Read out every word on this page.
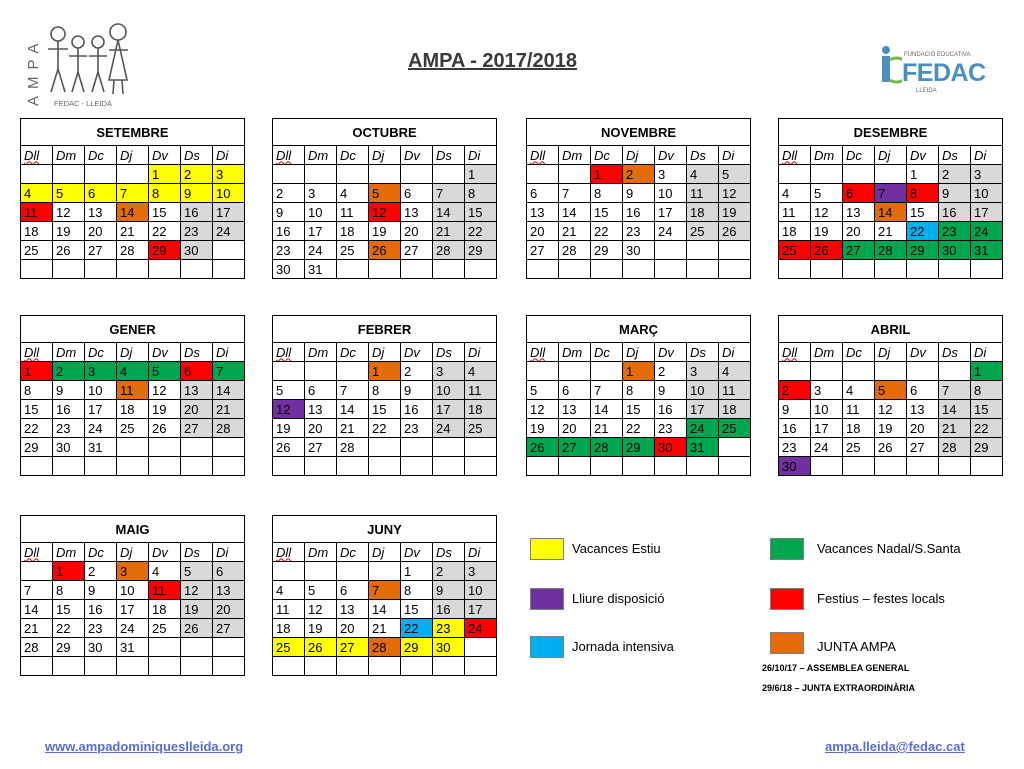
AMPA FEDAC - LLEIDA
AMPA - 2017/2018	FUNDACIÓ EDUCATIVA
FEDAC
LLEIDA
SETEMBRE						
Dll	Dm	Dc	Dj	Dv	Ds	Di
				1	2	3
4	5	6	7	8	9	10
11	12	13	14	15	16	17
18	19	20	21	22	23	24
25	26	27	28	29	30	

OCTUBRE						
Dll	Dm	Dc	Dj	Dv	Ds	Di
						1
2	3	4	5	6	7	8
9	10	11	12	13	14	15
16	17	18	19	20	21	22
23	24	25	26	27	28	29
30	31					
NOVEMBRE						
Dll	Dm	Dc	Dj	Dv	Ds	Di
		1	2	3	4	5
6	7	8	9	10	11	12
13	14	15	16	17	18	19
20	21	22	23	24	25	26
27	28	29	30			

DESEMBRE						
Dll	Dm	Dc	Dj	Dv	Ds	Di
				1	2	3
4	5	6	7	8	9	10
11	12	13	14	15	16	17
18	19	20	21	22	23	24
25	26	27	28	29	30	31

GENER						
Dll	Dm	Dc	Dj	Dv	Ds	Di
1	2	3	4	5	6	7
8	9	10	11	12	13	14
15	16	17	18	19	20	21
22	23	24	25	26	27	28
29	30	31				

FEBRER						
Dll	Dm	Dc	Dj	Dv	Ds	Di
			1	2	3	4
5	6	7	8	9	10	11
12	13	14	15	16	17	18
19	20	21	22	23	24	25
26	27	28				

MARÇ						
Dll	Dm	Dc	Dj	Dv	Ds	Di
			1	2	3	4
5	6	7	8	9	10	11
12	13	14	15	16	17	18
19	20	21	22	23	24	25
26	27	28	29	30	31	

ABRIL						
Dll	Dm	Dc	Dj	Dv	Ds	Di
						1
2	3	4	5	6	7	8
9	10	11	12	13	14	15
16	17	18	19	20	21	22
23	24	25	26	27	28	29
30						
MAIG						
Dll	Dm	Dc	Dj	Dv	Ds	Di
	1	2	3	4	5	6
7	8	9	10	11	12	13
14	15	16	17	18	19	20
21	22	23	24	25	26	27
28	29	30	31			

JUNY						
Dll	Dm	Dc	Dj	Dv	Ds	Di
				1	2	3
4	5	6	7	8	9	10
11	12	13	14	15	16	17
18	19	20	21	22	23	24
25	26	27	28	29	30	

Vacances Estiu	Vacances Nadal/S.Santa
Lliure disposició	Festius – festes locals
Jornada intensiva	JUNTA AMPA
26/10/17 – ASSEMBLEA GENERAL
29/6/18 – JUNTA EXTRAORDINÀRIA
www.ampadominiqueslleida.org	ampa.lleida@fedac.cat
